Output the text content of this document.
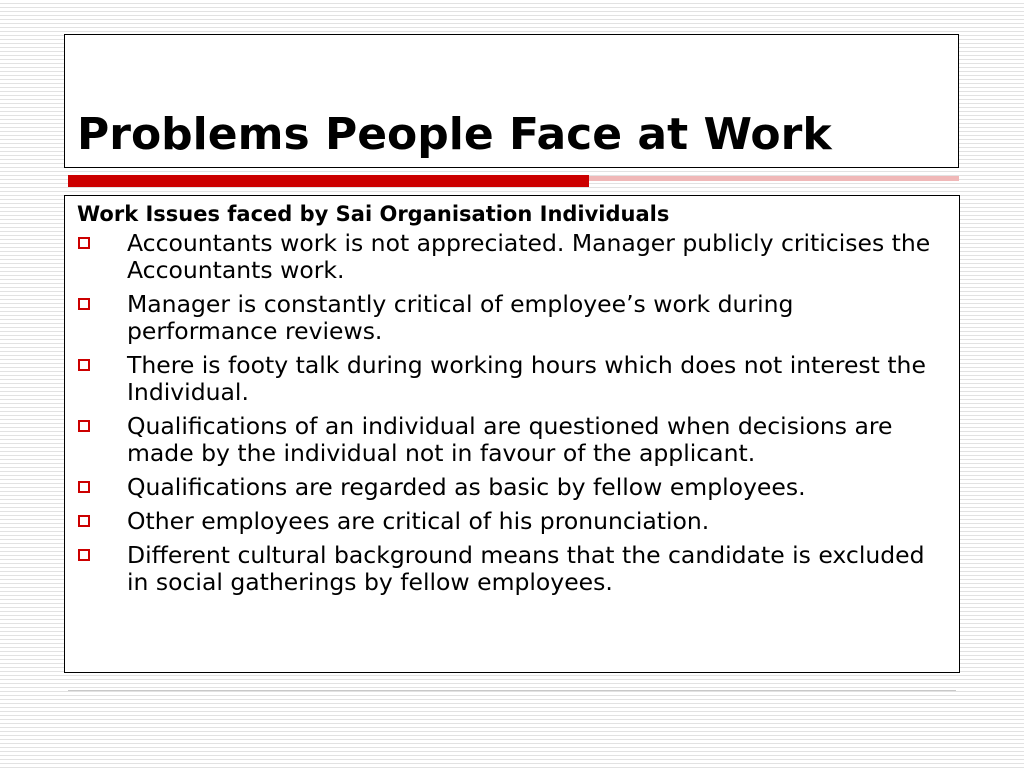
Problems People Face at Work
Work Issues faced by Sai Organisation Individuals
Accountants work is not appreciated. Manager publicly criticises the Accountants work.
Manager is constantly critical of employee’s work during performance reviews.
There is footy talk during working hours which does not interest the Individual.
Qualifications of an individual are questioned when decisions are made by the individual not in favour of the applicant.
Qualifications are regarded as basic by fellow employees.
Other employees are critical of his pronunciation.
Different cultural background means that the candidate is excluded in social gatherings by fellow employees.
